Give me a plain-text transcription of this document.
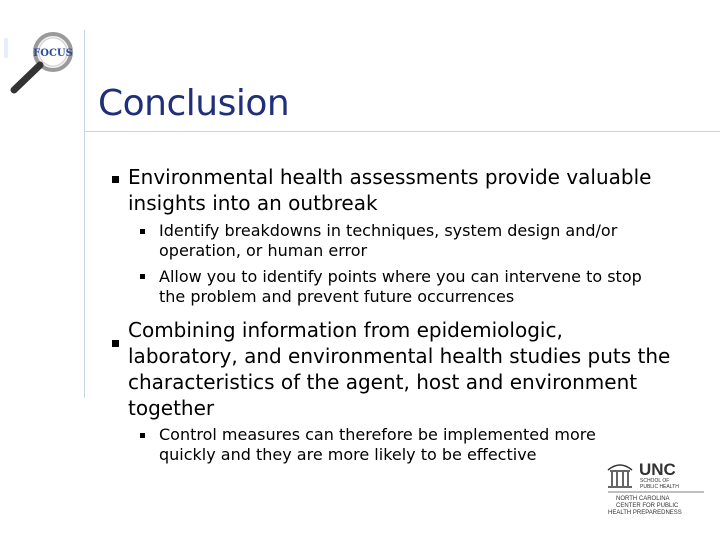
FOCUS
Conclusion
Environmental health assessments provide valuable
insights into an outbreak
Identify breakdowns in techniques, system design and/or
operation, or human error
Allow you to identify points where you can intervene to stop
the problem and prevent future occurrences
Combining information from epidemiologic,
laboratory, and environmental health studies puts the
characteristics of the agent, host and environment
together
Control measures can therefore be implemented more
quickly and they are more likely to be effective
UNC
SCHOOL OF
PUBLIC HEALTH
NORTH CAROLINA
CENTER FOR PUBLIC
HEALTH PREPAREDNESS
